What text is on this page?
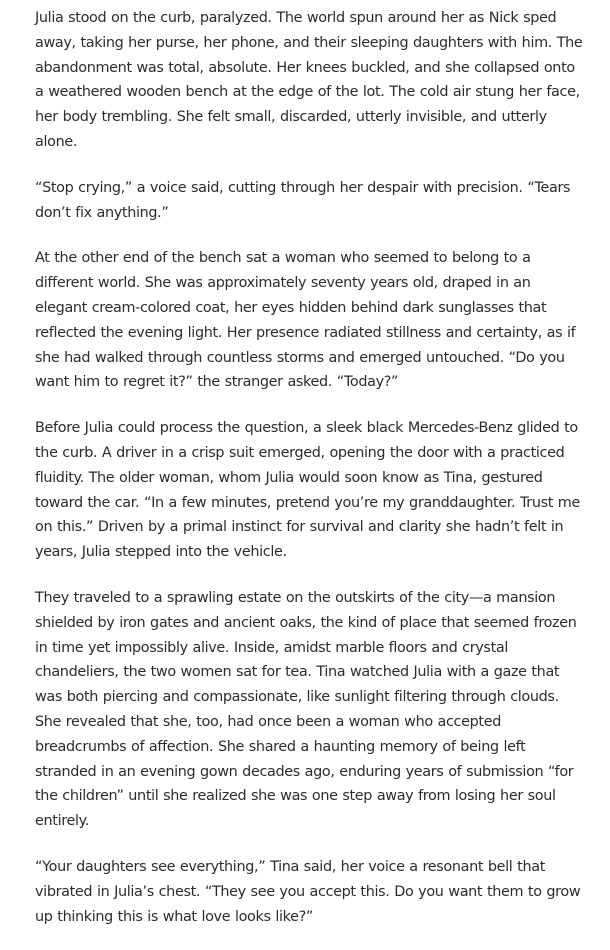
Julia stood on the curb, paralyzed. The world spun around her as Nick sped away, taking her purse, her phone, and their sleeping daughters with him. The abandonment was total, absolute. Her knees buckled, and she collapsed onto a weathered wooden bench at the edge of the lot. The cold air stung her face, her body trembling. She felt small, discarded, utterly invisible, and utterly alone.

“Stop crying,” a voice said, cutting through her despair with precision. “Tears don’t fix anything.”

At the other end of the bench sat a woman who seemed to belong to a different world. She was approximately seventy years old, draped in an elegant cream-colored coat, her eyes hidden behind dark sunglasses that reflected the evening light. Her presence radiated stillness and certainty, as if she had walked through countless storms and emerged untouched. “Do you want him to regret it?” the stranger asked. “Today?”

Before Julia could process the question, a sleek black Mercedes-Benz glided to the curb. A driver in a crisp suit emerged, opening the door with a practiced fluidity. The older woman, whom Julia would soon know as Tina, gestured toward the car. “In a few minutes, pretend you’re my granddaughter. Trust me on this.” Driven by a primal instinct for survival and clarity she hadn’t felt in years, Julia stepped into the vehicle.

They traveled to a sprawling estate on the outskirts of the city—a mansion shielded by iron gates and ancient oaks, the kind of place that seemed frozen in time yet impossibly alive. Inside, amidst marble floors and crystal chandeliers, the two women sat for tea. Tina watched Julia with a gaze that was both piercing and compassionate, like sunlight filtering through clouds. She revealed that she, too, had once been a woman who accepted breadcrumbs of affection. She shared a haunting memory of being left stranded in an evening gown decades ago, enduring years of submission “for the children” until she realized she was one step away from losing her soul entirely.

“Your daughters see everything,” Tina said, her voice a resonant bell that vibrated in Julia’s chest. “They see you accept this. Do you want them to grow up thinking this is what love looks like?”
